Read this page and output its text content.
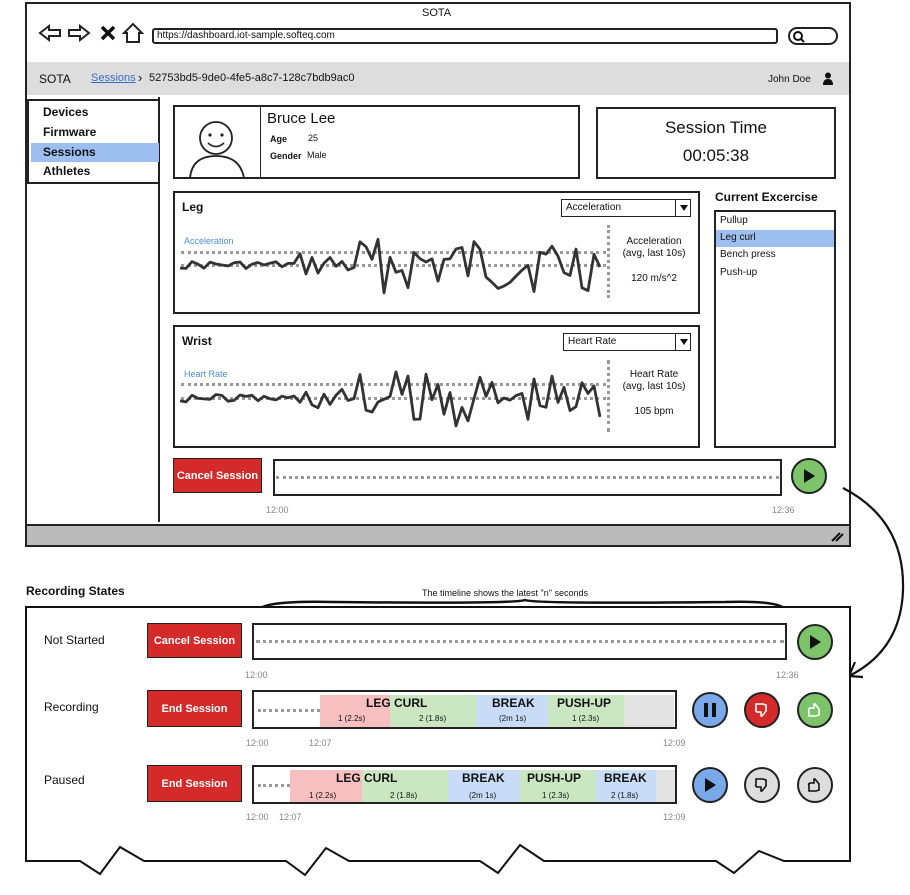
SOTA
https://dashboard.iot-sample.softeq.com
SOTA Sessions › 52753bd5-9de0-4fe5-a8c7-128c7bdb9ac0	John Doe
Devices
Firmware
Sessions
Athletes
Bruce Lee
Age 25
Gender Male
Session Time
00:05:38
Leg	Acceleration
Acceleration	Acceleration
(avg, last 10s)
120 m/s^2
Wrist	Heart Rate
Heart Rate	Heart Rate
(avg, last 10s)
105 bpm
Current Excercise
Pullup
Leg curl
Bench press
Push-up
Cancel Session
12:00	12:36
Recording States	The timeline shows the latest "n" seconds
Not Started	Cancel Session
12:00	12:36
Recording	End Session	LEG CURL
1 (2.2s)	2 (1.8s)
BREAK
(2m 1s)
PUSH-UP
1 (2.3s)
12:00	12:07	12:09
Paused	End Session	LEG CURL
1 (2.2s)	2 (1.8s)
BREAK
(2m 1s)
PUSH-UP
1 (2.3s)
BREAK
2 (1.8s)
12:00 12:07	12:09
